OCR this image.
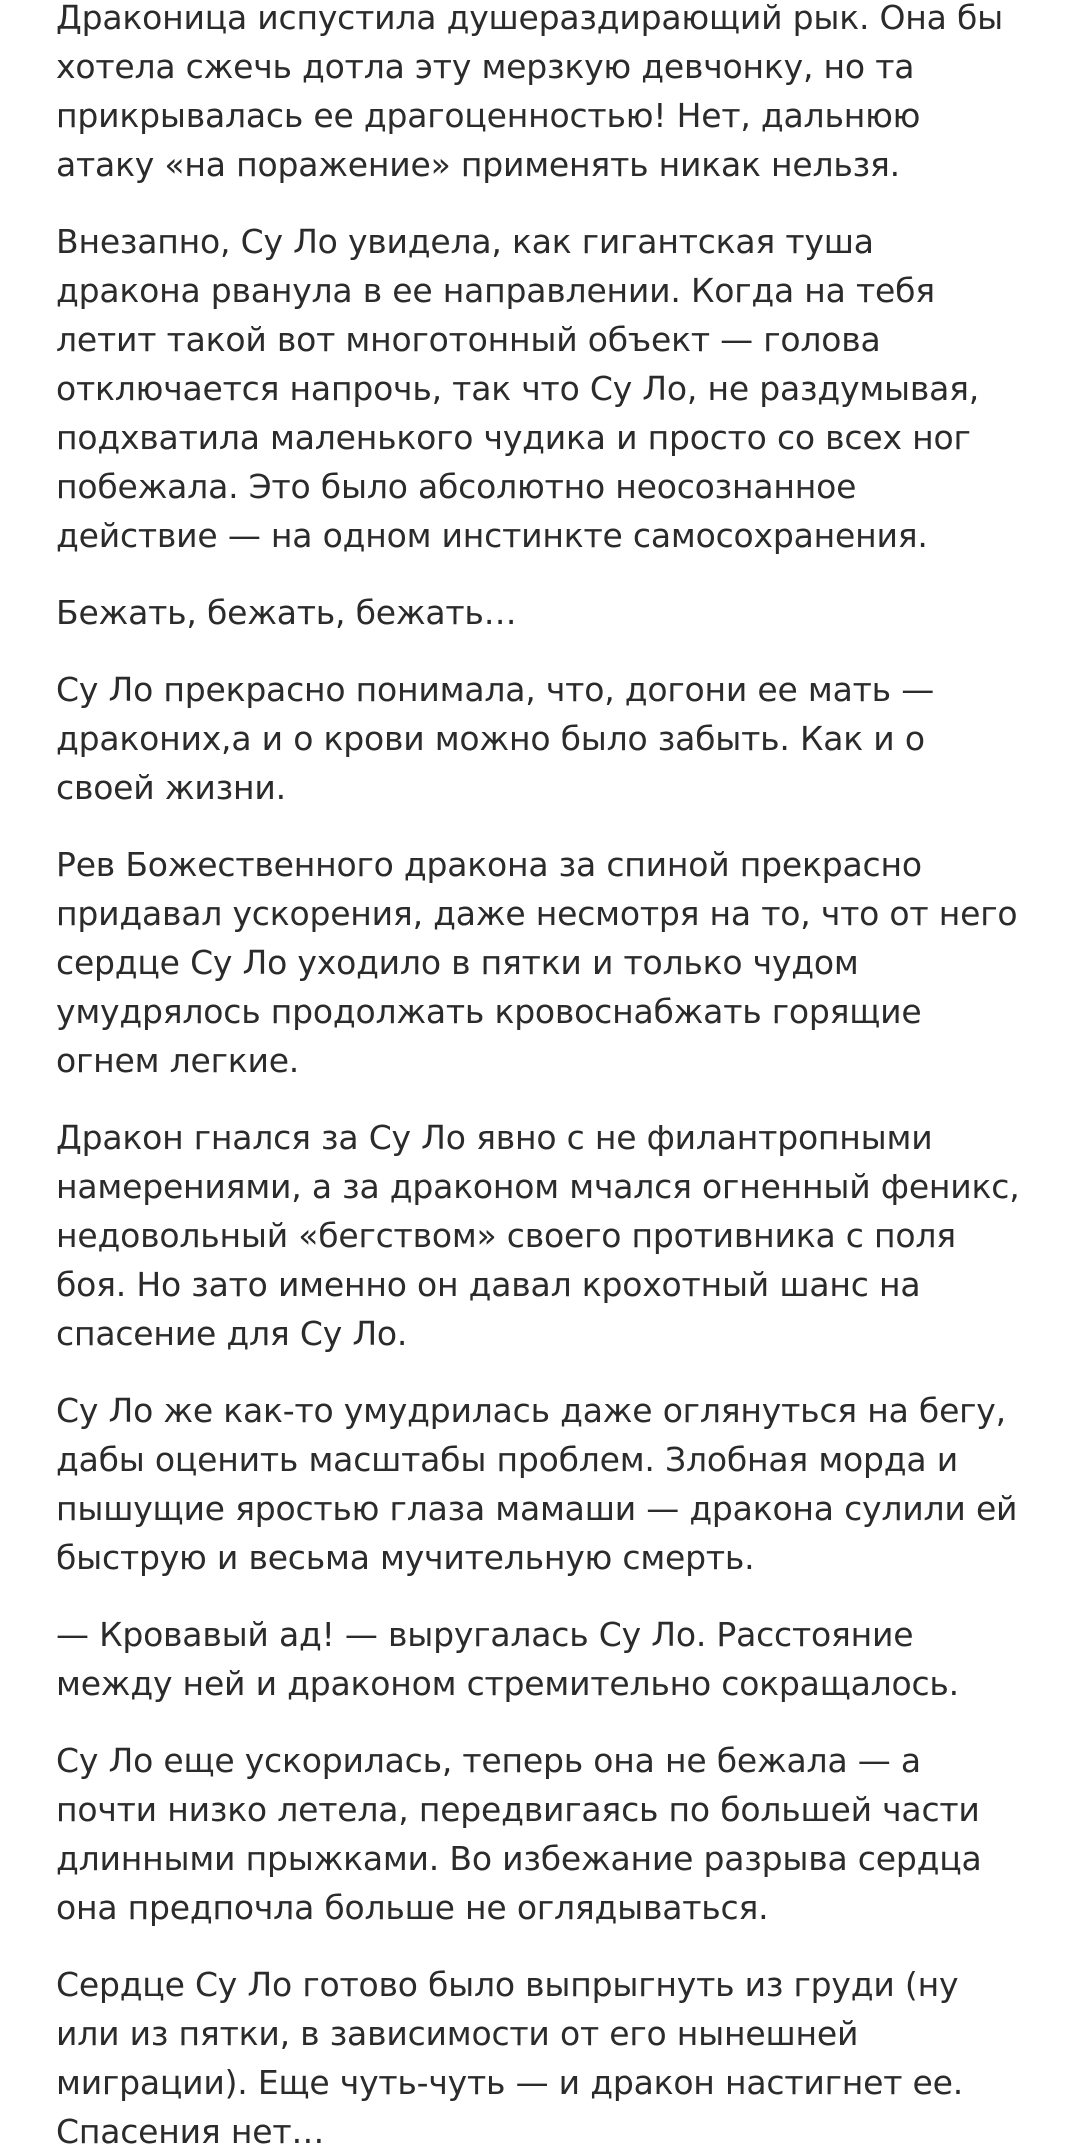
Драконица испустила душераздирающий рык. Она бы хотела сжечь дотла эту мерзкую девчонку, но та прикрывалась ее драгоценностью! Нет, дальнюю атаку «на поражение» применять никак нельзя.

Внезапно, Су Ло увидела, как гигантская туша дракона рванула в ее направлении. Когда на тебя летит такой вот многотонный объект — голова отключается напрочь, так что Су Ло, не раздумывая, подхватила маленького чудика и просто со всех ног побежала. Это было абсолютно неосознанное действие — на одном инстинкте самосохранения.

Бежать, бежать, бежать…

Су Ло прекрасно понимала, что, догони ее мать — драконих,а и о крови можно было забыть. Как и о своей жизни.

Рев Божественного дракона за спиной прекрасно придавал ускорения, даже несмотря на то, что от него сердце Су Ло уходило в пятки и только чудом умудрялось продолжать кровоснабжать горящие огнем легкие.

Дракон гнался за Су Ло явно с не филантропными намерениями, а за драконом мчался огненный феникс, недовольный «бегством» своего противника с поля боя. Но зато именно он давал крохотный шанс на спасение для Су Ло.

Су Ло же как-то умудрилась даже оглянуться на бегу, дабы оценить масштабы проблем. Злобная морда и пышущие яростью глаза мамаши — дракона сулили ей быструю и весьма мучительную смерть.

— Кровавый ад! — выругалась Су Ло. Расстояние между ней и драконом стремительно сокращалось.

Су Ло еще ускорилась, теперь она не бежала — а почти низко летела, передвигаясь по большей части длинными прыжками. Во избежание разрыва сердца она предпочла больше не оглядываться.

Сердце Су Ло готово было выпрыгнуть из груди (ну или из пятки, в зависимости от его нынешней миграции). Еще чуть-чуть — и дракон настигнет ее. Спасения нет…
